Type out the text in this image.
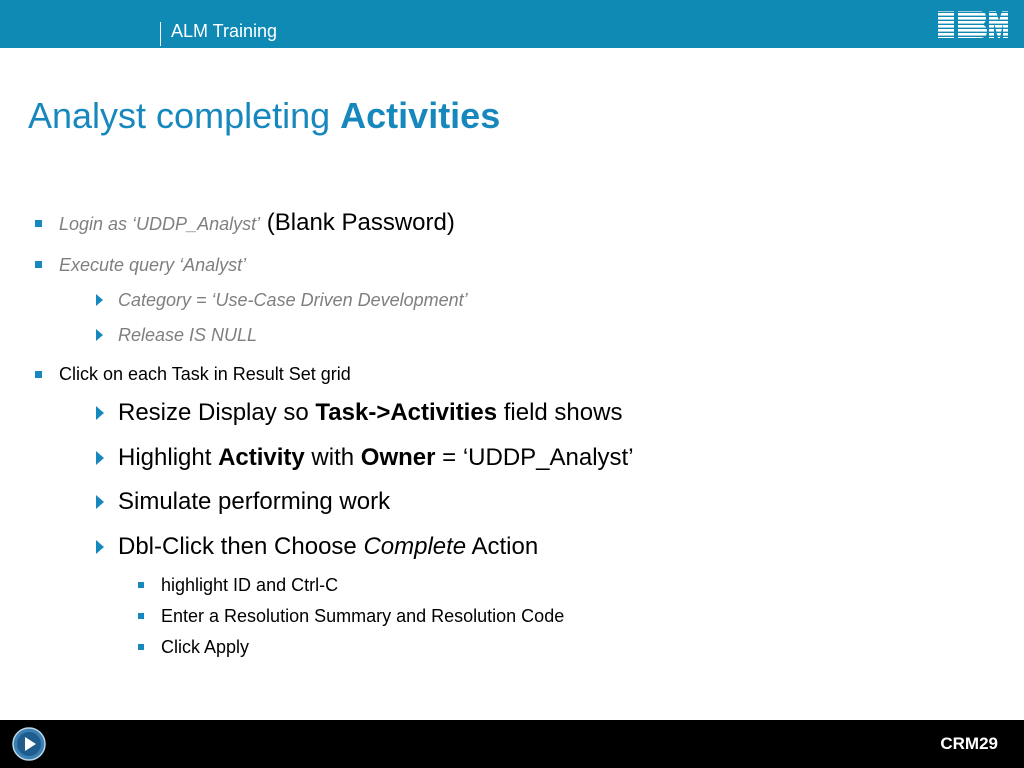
ALM Training
Analyst completing Activities
Login as ‘UDDP_Analyst’ (Blank Password)
Execute query ‘Analyst’
Category = ‘Use-Case Driven Development’
Release IS NULL
Click on each Task in Result Set grid
Resize Display so Task->Activities field shows
Highlight Activity with Owner = ‘UDDP_Analyst’
Simulate performing work
Dbl-Click then Choose Complete Action
highlight ID and Ctrl-C
Enter a Resolution Summary and Resolution Code
Click Apply
CRM29
